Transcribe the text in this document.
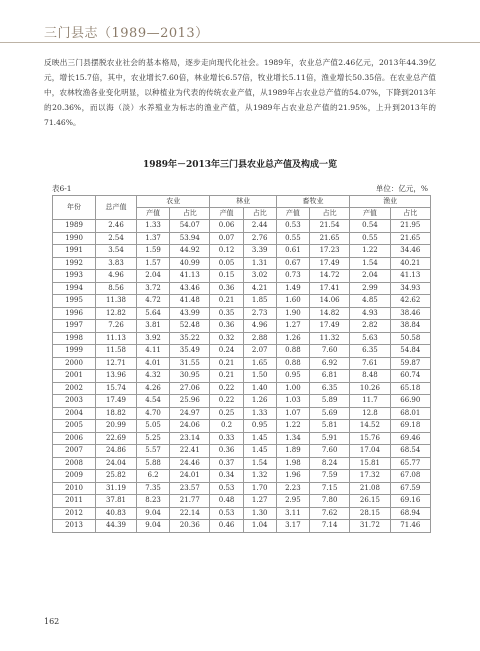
三门县志（1989—2013）

反映出三门县摆脱农业社会的基本格局，逐步走向现代化社会。1989年，农业总产值2.46亿元，2013年44.39亿元，增长15.7倍，其中，农业增长7.60倍，林业增长6.57倍，牧业增长5.11倍，渔业增长50.35倍。在农业总产值中，农林牧渔各业变化明显，以种植业为代表的传统农业产值，从1989年占农业总产值的54.07%，下降到2013年的20.36%，而以海（淡）水养殖业为标志的渔业产值，从1989年占农业总产值的21.95%，上升到2013年的71.46%。

1989年－2013年三门县农业总产值及构成一览
表6-1	单位：亿元，%
年份	总产值	农业		林业		畜牧业		渔业	
		产值	占比	产值	占比	产值	占比	产值	占比
1989	2.46	1.33	54.07	0.06	2.44	0.53	21.54	0.54	21.95
1990	2.54	1.37	53.94	0.07	2.76	0.55	21.65	0.55	21.65
1991	3.54	1.59	44.92	0.12	3.39	0.61	17.23	1.22	34.46
1992	3.83	1.57	40.99	0.05	1.31	0.67	17.49	1.54	40.21
1993	4.96	2.04	41.13	0.15	3.02	0.73	14.72	2.04	41.13
1994	8.56	3.72	43.46	0.36	4.21	1.49	17.41	2.99	34.93
1995	11.38	4.72	41.48	0.21	1.85	1.60	14.06	4.85	42.62
1996	12.82	5.64	43.99	0.35	2.73	1.90	14.82	4.93	38.46
1997	7.26	3.81	52.48	0.36	4.96	1.27	17.49	2.82	38.84
1998	11.13	3.92	35.22	0.32	2.88	1.26	11.32	5.63	50.58
1999	11.58	4.11	35.49	0.24	2.07	0.88	7.60	6.35	54.84
2000	12.71	4.01	31.55	0.21	1.65	0.88	6.92	7.61	59.87
2001	13.96	4.32	30.95	0.21	1.50	0.95	6.81	8.48	60.74
2002	15.74	4.26	27.06	0.22	1.40	1.00	6.35	10.26	65.18
2003	17.49	4.54	25.96	0.22	1.26	1.03	5.89	11.7	66.90
2004	18.82	4.70	24.97	0.25	1.33	1.07	5.69	12.8	68.01
2005	20.99	5.05	24.06	0.2	0.95	1.22	5.81	14.52	69.18
2006	22.69	5.25	23.14	0.33	1.45	1.34	5.91	15.76	69.46
2007	24.86	5.57	22.41	0.36	1.45	1.89	7.60	17.04	68.54
2008	24.04	5.88	24.46	0.37	1.54	1.98	8.24	15.81	65.77
2009	25.82	6.2	24.01	0.34	1.32	1.96	7.59	17.32	67.08
2010	31.19	7.35	23.57	0.53	1.70	2.23	7.15	21.08	67.59
2011	37.81	8.23	21.77	0.48	1.27	2.95	7.80	26.15	69.16
2012	40.83	9.04	22.14	0.53	1.30	3.11	7.62	28.15	68.94
2013	44.39	9.04	20.36	0.46	1.04	3.17	7.14	31.72	71.46
162
